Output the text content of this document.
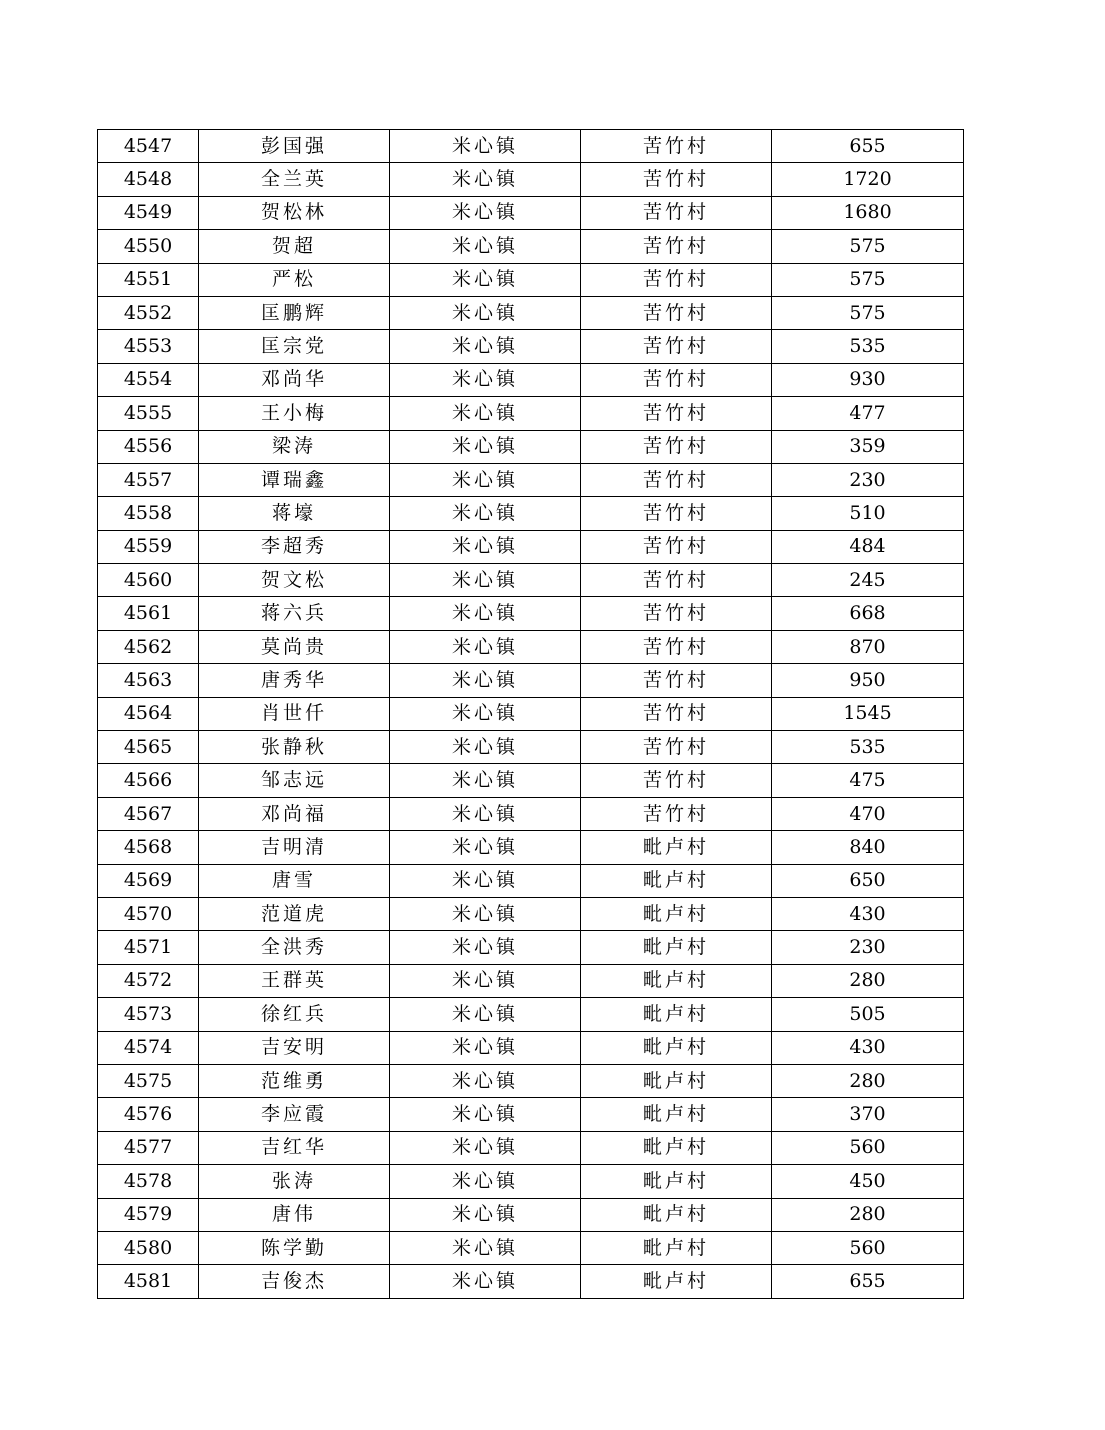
4547	彭国强	米心镇	苦竹村	655
4548	全兰英	米心镇	苦竹村	1720
4549	贺松林	米心镇	苦竹村	1680
4550	贺超	米心镇	苦竹村	575
4551	严松	米心镇	苦竹村	575
4552	匡鹏辉	米心镇	苦竹村	575
4553	匡宗党	米心镇	苦竹村	535
4554	邓尚华	米心镇	苦竹村	930
4555	王小梅	米心镇	苦竹村	477
4556	梁涛	米心镇	苦竹村	359
4557	谭瑞鑫	米心镇	苦竹村	230
4558	蒋壕	米心镇	苦竹村	510
4559	李超秀	米心镇	苦竹村	484
4560	贺文松	米心镇	苦竹村	245
4561	蒋六兵	米心镇	苦竹村	668
4562	莫尚贵	米心镇	苦竹村	870
4563	唐秀华	米心镇	苦竹村	950
4564	肖世仟	米心镇	苦竹村	1545
4565	张静秋	米心镇	苦竹村	535
4566	邹志远	米心镇	苦竹村	475
4567	邓尚福	米心镇	苦竹村	470
4568	吉明清	米心镇	毗卢村	840
4569	唐雪	米心镇	毗卢村	650
4570	范道虎	米心镇	毗卢村	430
4571	全洪秀	米心镇	毗卢村	230
4572	王群英	米心镇	毗卢村	280
4573	徐红兵	米心镇	毗卢村	505
4574	吉安明	米心镇	毗卢村	430
4575	范维勇	米心镇	毗卢村	280
4576	李应霞	米心镇	毗卢村	370
4577	吉红华	米心镇	毗卢村	560
4578	张涛	米心镇	毗卢村	450
4579	唐伟	米心镇	毗卢村	280
4580	陈学勤	米心镇	毗卢村	560
4581	吉俊杰	米心镇	毗卢村	655
